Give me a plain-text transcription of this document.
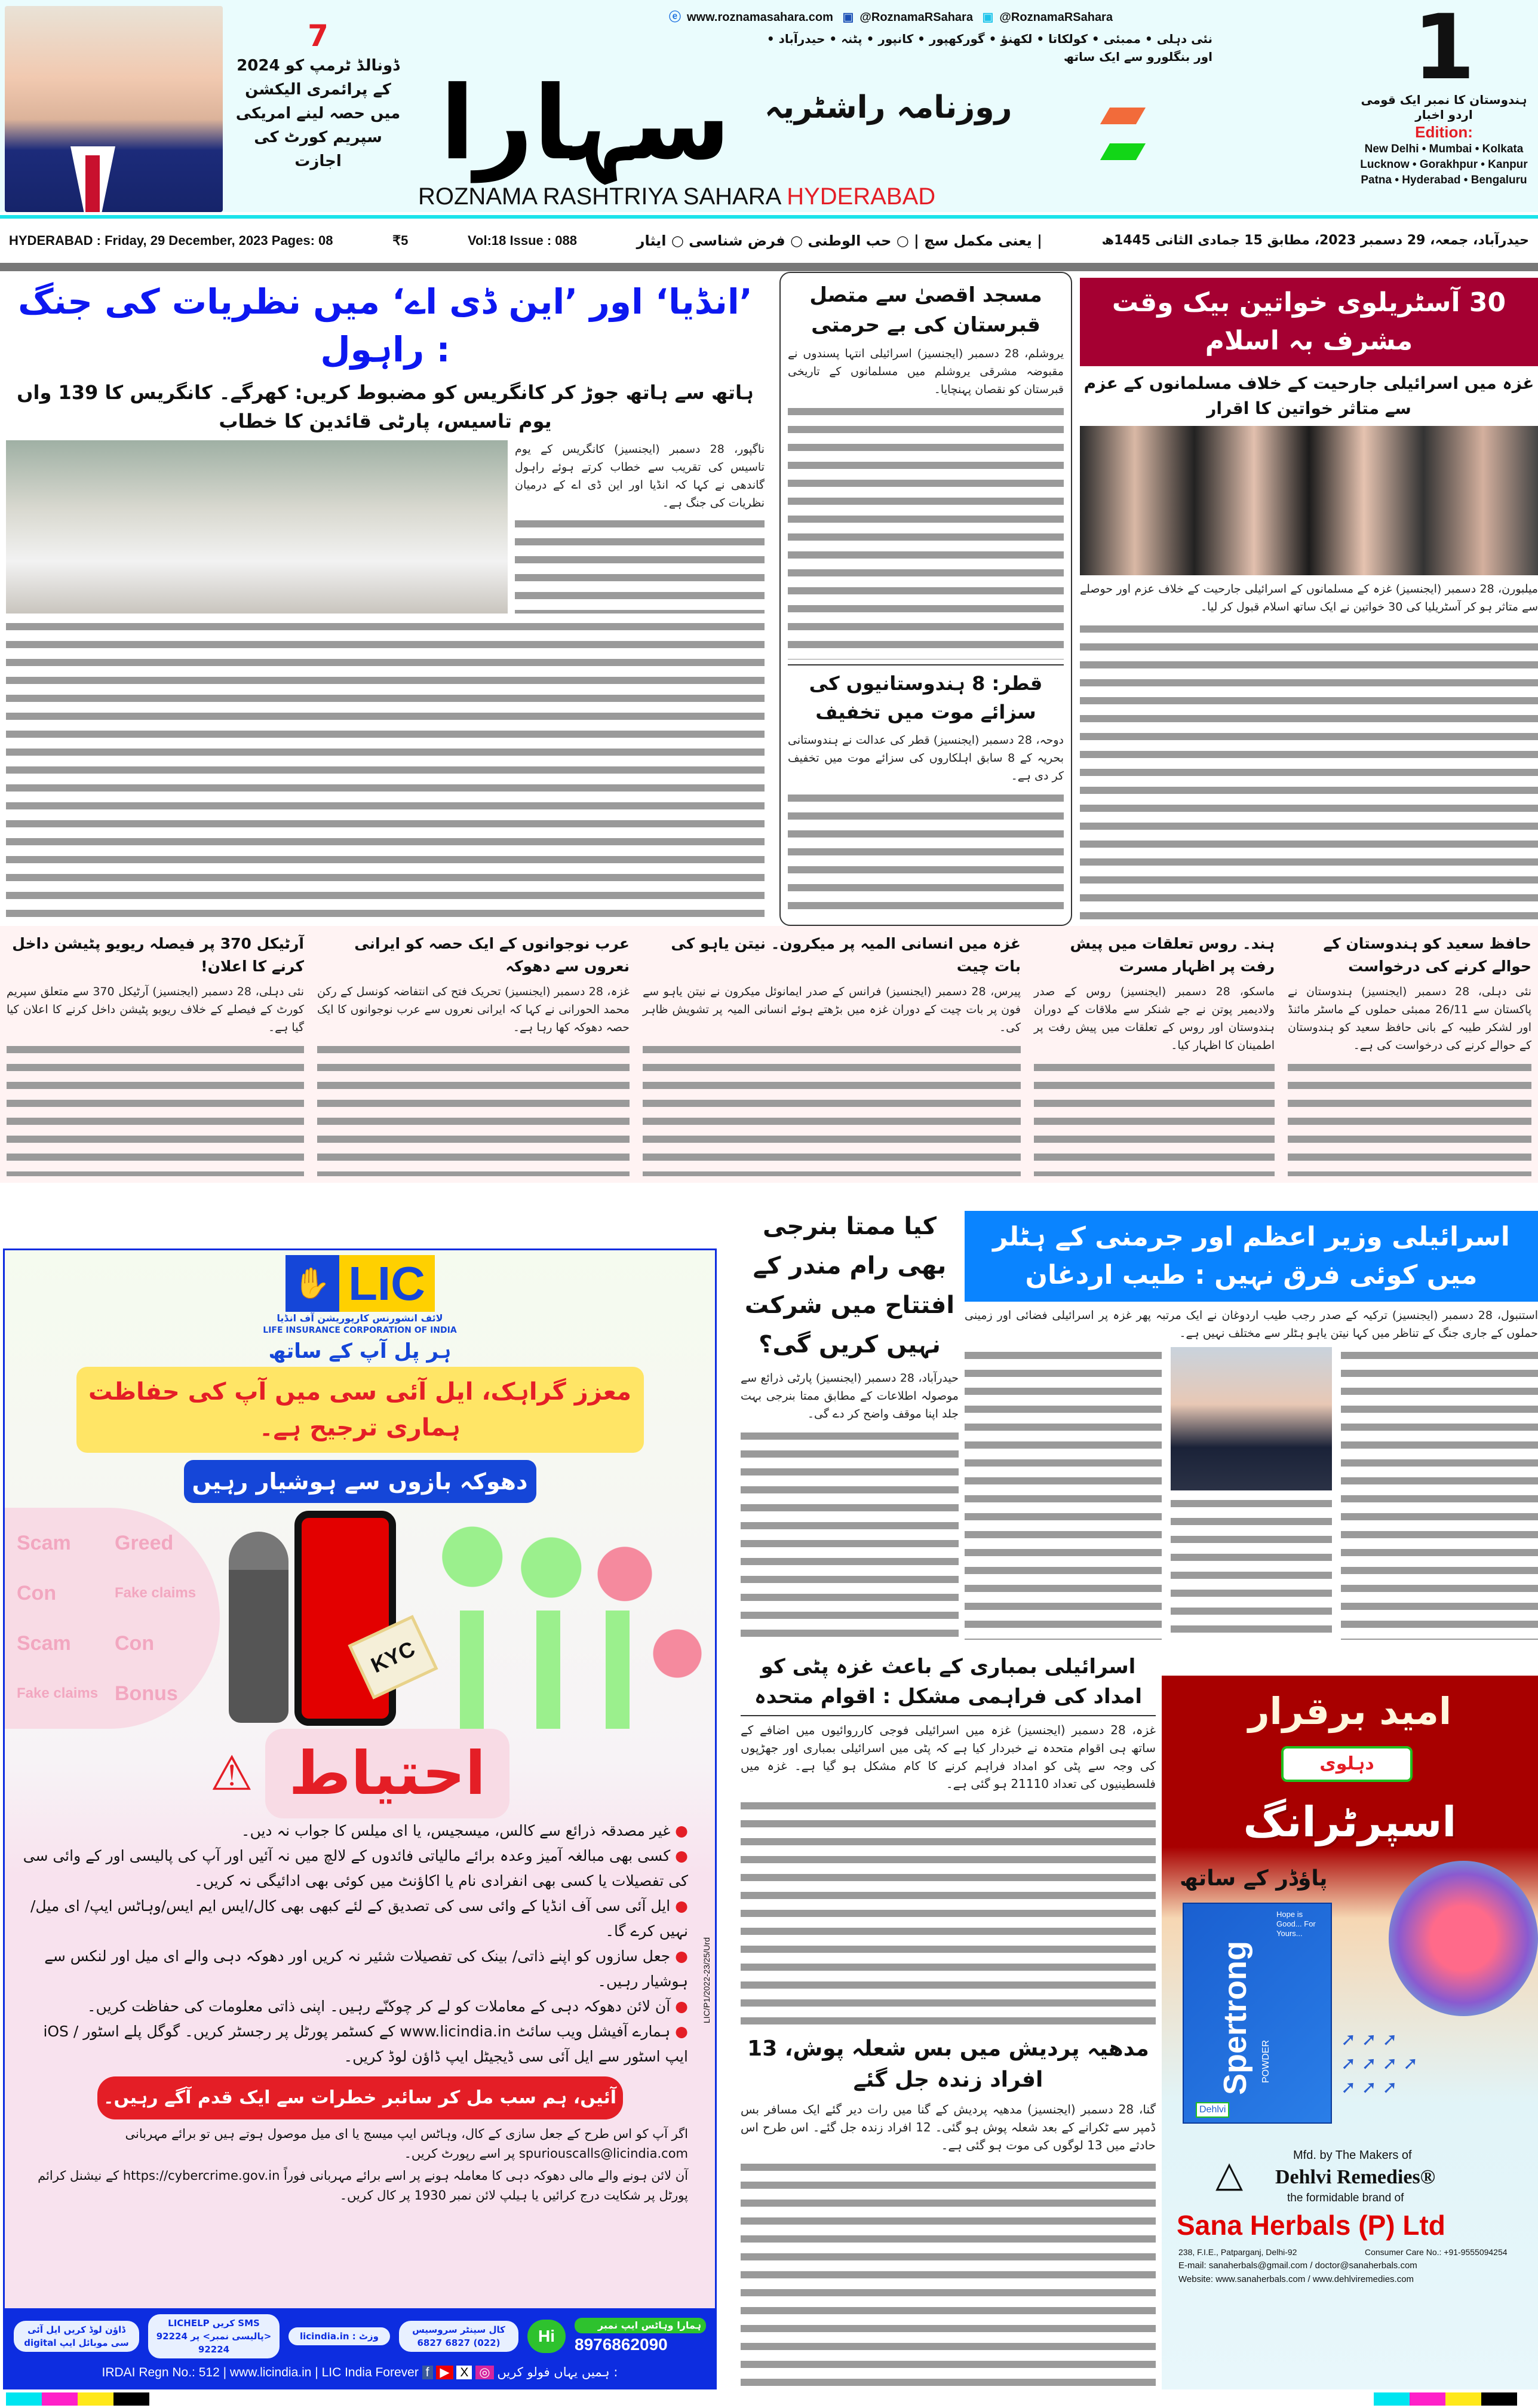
7
ڈونالڈ ٹرمپ کو 2024 کے پرائمری الیکشن میں حصہ لینے امریکی سپریم کورٹ کی اجازت
ⓔ www.roznamasahara.com ▣ @RoznamaRSahara ▣ @RoznamaRSahara
نئی دہلی • ممبئی • کولکاتا • لکھنؤ • گورکھپور • کانپور • پٹنہ • حیدرآباد • اور بنگلورو سے ایک ساتھ
سہارا	روزنامہ راشٹریہ
ROZNAMA RASHTRIYA SAHARA HYDERABAD
1
ہندوستان کا نمبر ایک قومی اردو اخبار
Edition:
New Delhi • Mumbai • Kolkata
Lucknow • Gorakhpur • Kanpur
Patna • Hyderabad • Bengaluru
HYDERABAD : Friday, 29 December, 2023 Pages: 08	₹5	Vol:18 Issue : 088	| یعنی مکمل سچ | ○ حب الوطنی ○ فرض شناسی ○ ایثار	حیدرآباد، جمعہ، 29 دسمبر 2023، مطابق 15 جمادی الثانی 1445ھ
’انڈیا‘ اور ’این ڈی اے‘ میں نظریات کی جنگ : راہول
ہاتھ سے ہاتھ جوڑ کر کانگریس کو مضبوط کریں: کھرگے۔ کانگریس کا 139 واں یوم تاسیس، پارٹی قائدین کا خطاب
ناگپور، 28 دسمبر (ایجنسیز) کانگریس کے یوم تاسیس کی تقریب سے خطاب کرتے ہوئے راہول گاندھی نے کہا کہ انڈیا اور این ڈی اے کے درمیان نظریات کی جنگ ہے۔
مسجد اقصیٰ سے متصل قبرستان کی بے حرمتی
یروشلم، 28 دسمبر (ایجنسیز) اسرائیلی انتہا پسندوں نے مقبوضہ مشرقی یروشلم میں مسلمانوں کے تاریخی قبرستان کو نقصان پہنچایا۔
قطر: 8 ہندوستانیوں کی سزائے موت میں تخفیف
دوحہ، 28 دسمبر (ایجنسیز) قطر کی عدالت نے ہندوستانی بحریہ کے 8 سابق اہلکاروں کی سزائے موت میں تخفیف کر دی ہے۔
30 آسٹریلوی خواتین بیک وقت مشرف بہ اسلام
غزہ میں اسرائیلی جارحیت کے خلاف مسلمانوں کے عزم سے متاثر خواتین کا اقرار
میلبورن، 28 دسمبر (ایجنسیز) غزہ کے مسلمانوں کے اسرائیلی جارحیت کے خلاف عزم اور حوصلے سے متاثر ہو کر آسٹریلیا کی 30 خواتین نے ایک ساتھ اسلام قبول کر لیا۔
حافظ سعید کو ہندوستان کے حوالے کرنے کی درخواست
نئی دہلی، 28 دسمبر (ایجنسیز) ہندوستان نے پاکستان سے 26/11 ممبئی حملوں کے ماسٹر مائنڈ اور لشکر طیبہ کے بانی حافظ سعید کو ہندوستان کے حوالے کرنے کی درخواست کی ہے۔
ہند۔ روس تعلقات میں پیش رفت پر اظہار مسرت
ماسکو، 28 دسمبر (ایجنسیز) روس کے صدر ولادیمیر پوتن نے جے شنکر سے ملاقات کے دوران ہندوستان اور روس کے تعلقات میں پیش رفت پر اطمینان کا اظہار کیا۔
غزہ میں انسانی المیہ پر میکرون۔ نیتن یاہو کی بات چیت
پیرس، 28 دسمبر (ایجنسیز) فرانس کے صدر ایمانوئل میکرون نے نیتن یاہو سے فون پر بات چیت کے دوران غزہ میں بڑھتے ہوئے انسانی المیہ پر تشویش ظاہر کی۔
عرب نوجوانوں کے ایک حصہ کو ایرانی نعروں سے دھوکہ
غزہ، 28 دسمبر (ایجنسیز) تحریک فتح کی انتفاضہ کونسل کے رکن محمد الحورانی نے کہا کہ ایرانی نعروں سے عرب نوجوانوں کا ایک حصہ دھوکہ کھا رہا ہے۔
آرٹیکل 370 پر فیصلہ ریویو پٹیشن داخل کرنے کا اعلان!
نئی دہلی، 28 دسمبر (ایجنسیز) آرٹیکل 370 سے متعلق سپریم کورٹ کے فیصلے کے خلاف ریویو پٹیشن داخل کرنے کا اعلان کیا گیا ہے۔
کیا ممتا بنرجی بھی رام مندر کے افتتاح میں شرکت نہیں کریں گی؟
حیدرآباد، 28 دسمبر (ایجنسیز) پارٹی ذرائع سے موصولہ اطلاعات کے مطابق ممتا بنرجی بہت جلد اپنا موقف واضح کر دے گی۔
اسرائیلی وزیر اعظم اور جرمنی کے ہٹلر میں کوئی فرق نہیں : طیب اردغان
استنبول، 28 دسمبر (ایجنسیز) ترکیہ کے صدر رجب طیب اردوغان نے ایک مرتبہ پھر غزہ پر اسرائیلی فضائی اور زمینی حملوں کے جاری جنگ کے تناظر میں کہا نیتن یاہو ہٹلر سے مختلف نہیں ہے۔
اسرائیلی بمباری کے باعث غزہ پٹی کو امداد کی فراہمی مشکل : اقوام متحدہ
غزہ، 28 دسمبر (ایجنسیز) غزہ میں اسرائیلی فوجی کارروائیوں میں اضافے کے ساتھ ہی اقوام متحدہ نے خبردار کیا ہے کہ پٹی میں اسرائیلی بمباری اور جھڑپوں کی وجہ سے پٹی کو امداد فراہم کرنے کا کام مشکل ہو گیا ہے۔ غزہ میں فلسطینیوں کی تعداد 21110 ہو گئی ہے۔
مدھیہ پردیش میں بس شعلہ پوش، 13 افراد زندہ جل گئے
گنا، 28 دسمبر (ایجنسیز) مدھیہ پردیش کے گنا میں رات دیر گئے ایک مسافر بس ڈمپر سے ٹکرانے کے بعد شعلہ پوش ہو گئی۔ 12 افراد زندہ جل گئے۔ اس طرح اس حادثے میں 13 لوگوں کی موت ہو گئی ہے۔
✋ LIC
لائف انشورنس کارپوریشن آف انڈیا
LIFE INSURANCE CORPORATION OF INDIA
ہر پل آپ کے ساتھ
معزز گراہک، ایل آئی سی میں آپ کی حفاظت ہماری ترجیح ہے۔
دھوکہ بازوں سے ہوشیار رہیں
Scam	Greed
Con	Fake claims
Scam	Con
Fake claims Bonus
KYC
⚠ احتیاط
● غیر مصدقہ ذرائع سے کالس، میسجیس، یا ای میلس کا جواب نہ دیں۔
● کسی بھی مبالغہ آمیز وعدہ برائے مالیاتی فائدوں کے لالچ میں نہ آئیں اور آپ کی پالیسی اور کے وائی سی کی تفصیلات یا کسی بھی انفرادی نام یا اکاؤنٹ میں کوئی بھی ادائیگی نہ کریں۔
● ایل آئی سی آف انڈیا کے وائی سی کی تصدیق کے لئے کبھی بھی کال/ایس ایم ایس/وہاٹس ایپ/ ای میل/ نہیں کرے گا۔
● جعل سازوں کو اپنے ذاتی/ بینک کی تفصیلات شئیر نہ کریں اور دھوکہ دہی والے ای میل اور لنکس سے ہوشیار رہیں۔
● آن لائن دھوکہ دہی کے معاملات کو لے کر چوکنّے رہیں۔ اپنی ذاتی معلومات کی حفاظت کریں۔
● ہمارے آفیشل ویب سائٹ www.licindia.in کے کسٹمر پورٹل پر رجسٹر کریں۔ گوگل پلے اسٹور / iOS ایپ اسٹور سے ایل آئی سی ڈیجیٹل ایپ ڈاؤن لوڈ کریں۔
آئیں، ہم سب مل کر سائبر خطرات سے ایک قدم آگے رہیں۔
اگر آپ کو اس طرح کے جعل سازی کے کال، وہاٹس ایپ میسج یا ای میل موصول ہوتے ہیں تو برائے مہربانی spuriouscalls@licindia.com پر اسے رپورٹ کریں۔
آن لائن ہونے والے مالی دھوکہ دہی کا معاملہ ہونے پر اسے برائے مہربانی فوراً https://cybercrime.gov.in کے نیشنل کرائم پورٹل پر شکایت درج کرائیں یا ہیلپ لائن نمبر 1930 پر کال کریں۔
ڈاؤن لوڈ کریں ایل آئی سی موبائل ایپ digital
SMS کریں LICHELP <پالیسی نمبر> پر 92224 92224
وزٹ : licindia.in
کال سینٹر سروسیس (022) 6827 6827	Hi
ہمارا وہاٹس ایپ نمبر
8976862090
IRDAI Regn No.: 512 | www.licindia.in | LIC India Forever f ▶ X ◎ ہمیں یہاں فولو کریں :
LIC/P1/2022-23/25/Urd
امید برقرار
دہلوی
اسپرٹرانگ
پاؤڈر کے ساتھ
Spertrong POWDER
Hope is Good... For Yours...
Dehlvi
➚ ➚ ➚
➚ ➚ ➚ ➚
➚ ➚ ➚
△	Mfd. by The Makers of
Dehlvi Remedies®
the formidable brand of
Sana Herbals (P) Ltd
238, F.I.E., Patparganj, Delhi-92	Consumer Care No.: +91-9555094254
E-mail: sanaherbals@gmail.com / doctor@sanaherbals.com
Website: www.sanaherbals.com / www.dehlviremedies.com
